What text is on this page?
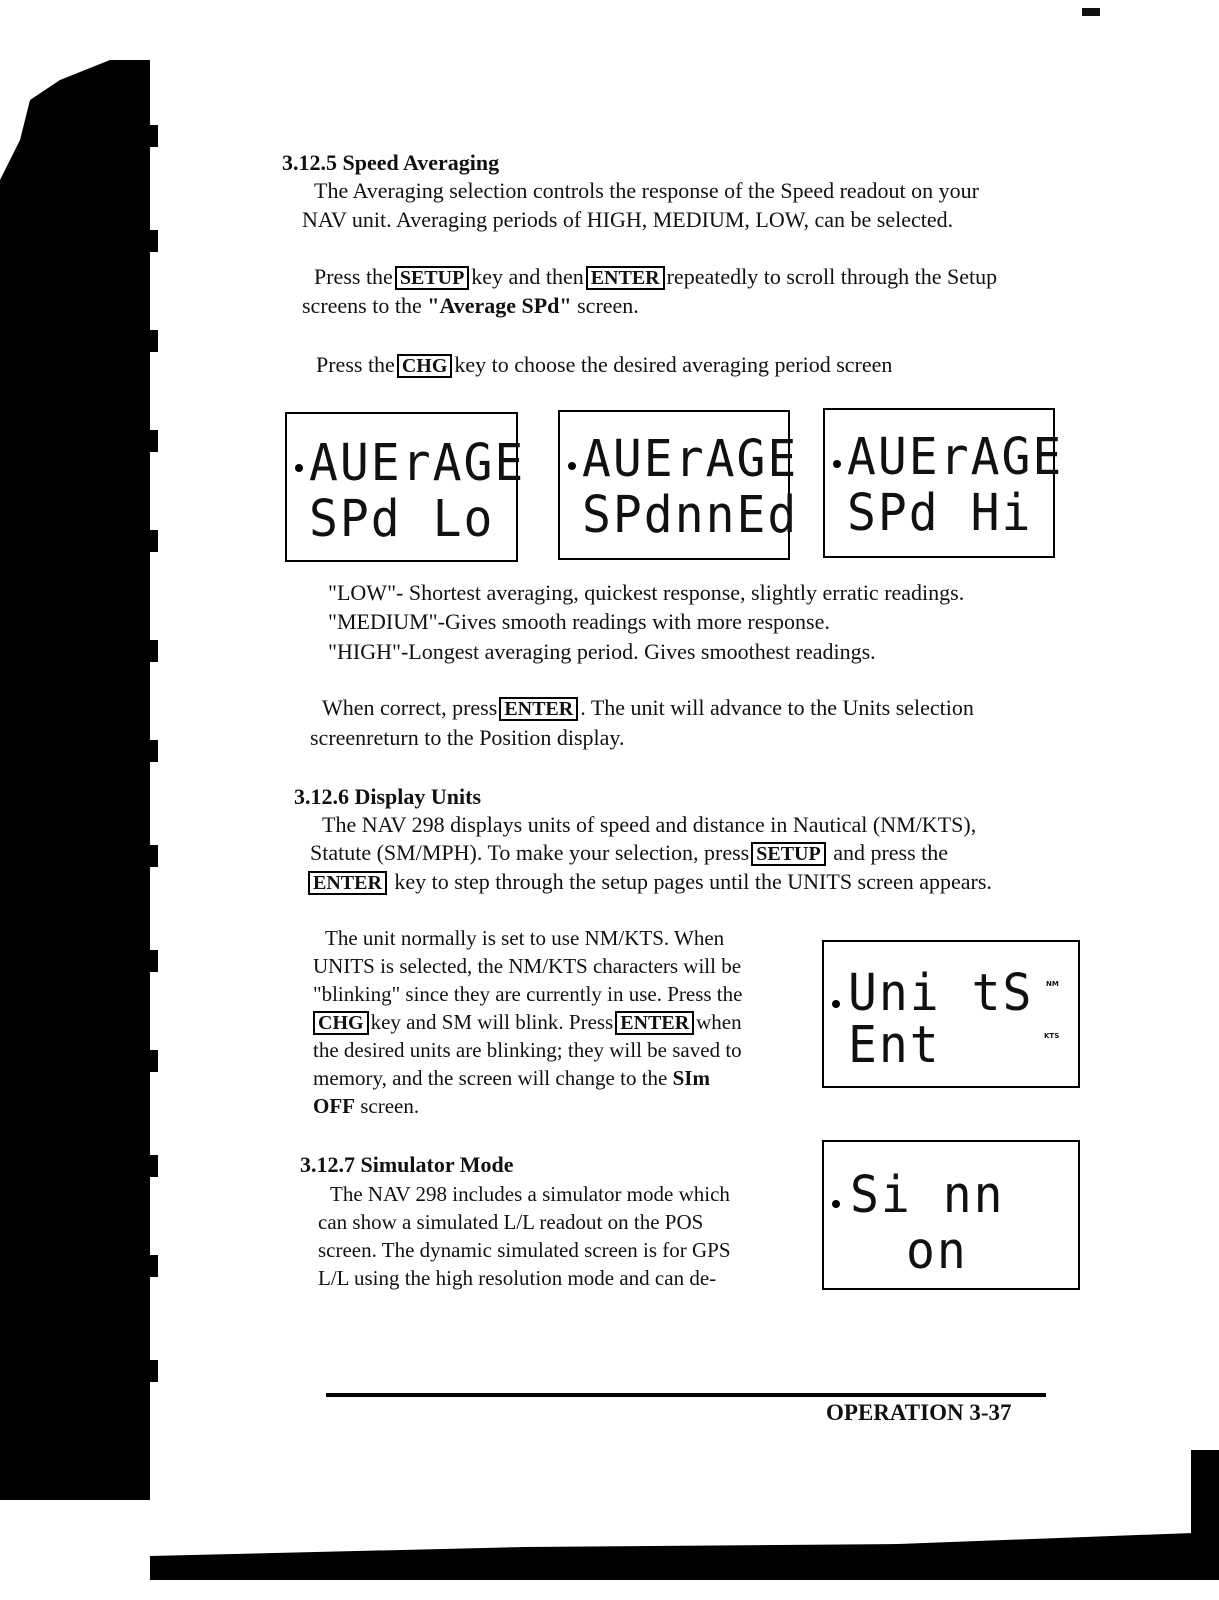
3.12.5 Speed Averaging
The Averaging selection controls the response of the Speed readout on your
NAV unit. Averaging periods of HIGH, MEDIUM, LOW, can be selected.
Press the SETUP key and then ENTER repeatedly to scroll through the Setup
screens to the "Average SPd" screen.
Press the CHG key to choose the desired averaging period screen
AUErAGE
SPd Lo
AUErAGE
SPdnnEd
AUErAGE
SPd Hi
"LOW"- Shortest averaging, quickest response, slightly erratic readings.
"MEDIUM"-Gives smooth readings with more response.
"HIGH"-Longest averaging period. Gives smoothest readings.
When correct, press ENTER . The unit will advance to the Units selection
screenreturn to the Position display.
3.12.6 Display Units
The NAV 298 displays units of speed and distance in Nautical (NM/KTS),
Statute (SM/MPH). To make your selection, press SETUP and press the
ENTER key to step through the setup pages until the UNITS screen appears.
The unit normally is set to use NM/KTS. When
UNITS is selected, the NM/KTS characters will be
"blinking" since they are currently in use. Press the
CHG key and SM will blink. Press ENTER when
the desired units are blinking; they will be saved to
memory, and the screen will change to the SIm
OFF screen.
Uni tS
Ent
NM
KTS
3.12.7 Simulator Mode
The NAV 298 includes a simulator mode which
can show a simulated L/L readout on the POS
screen. The dynamic simulated screen is for GPS
L/L using the high resolution mode and can de-
Si nn
on
OPERATION 3-37
